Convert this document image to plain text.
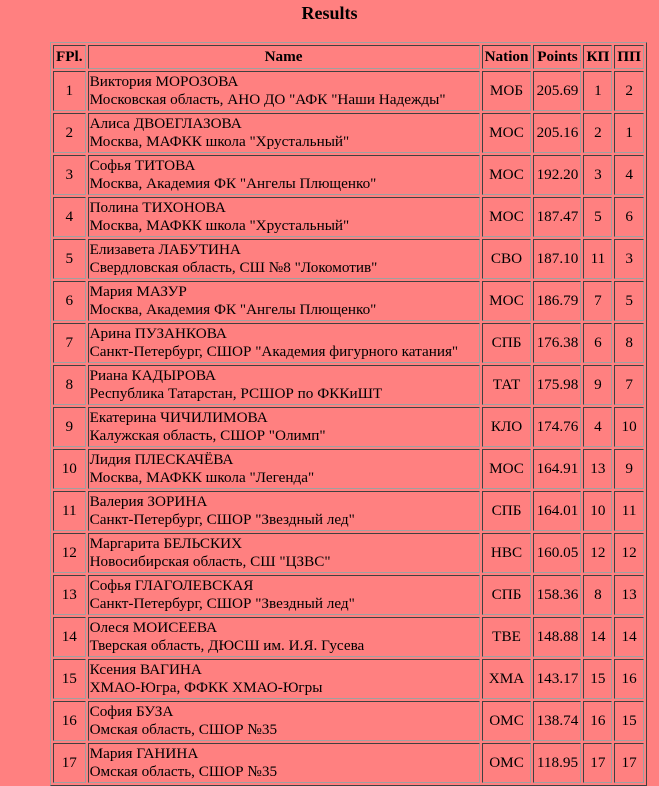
Results
FPl.	Name	Nation	Points	КП	ПП
1	Виктория МОРОЗОВА
Московская область, АНО ДО "АФК "Наши Надежды"	МОБ	205.69	1	2
2	Алиса ДВОЕГЛАЗОВА
Москва, МАФКК школа "Хрустальный"	МОС	205.16	2	1
3	Софья ТИТОВА
Москва, Академия ФК "Ангелы Плющенко"	МОС	192.20	3	4
4	Полина ТИХОНОВА
Москва, МАФКК школа "Хрустальный"	МОС	187.47	5	6
5	Елизавета ЛАБУТИНА
Свердловская область, СШ №8 "Локомотив"	СВО	187.10	11	3
6	Мария МАЗУР
Москва, Академия ФК "Ангелы Плющенко"	МОС	186.79	7	5
7	Арина ПУЗАНКОВА
Санкт-Петербург, СШОР "Академия фигурного катания"	СПБ	176.38	6	8
8	Риана КАДЫРОВА
Республика Татарстан, РСШОР по ФККиШТ	ТАТ	175.98	9	7
9	Екатерина ЧИЧИЛИМОВА
Калужская область, СШОР "Олимп"	КЛО	174.76	4	10
10	Лидия ПЛЕСКАЧЁВА
Москва, МАФКК школа "Легенда"	МОС	164.91	13	9
11	Валерия ЗОРИНА
Санкт-Петербург, СШОР "Звездный лед"	СПБ	164.01	10	11
12	Маргарита БЕЛЬСКИХ
Новосибирская область, СШ "ЦЗВС"	НВС	160.05	12	12
13	Софья ГЛАГОЛЕВСКАЯ
Санкт-Петербург, СШОР "Звездный лед"	СПБ	158.36	8	13
14	Олеся МОИСЕЕВА
Тверская область, ДЮСШ им. И.Я. Гусева	ТВЕ	148.88	14	14
15	Ксения ВАГИНА
ХМАО-Югра, ФФКК ХМАО-Югры	ХМА	143.17	15	16
16	София БУЗА
Омская область, СШОР №35	ОМС	138.74	16	15
17	Мария ГАНИНА
Омская область, СШОР №35	ОМС	118.95	17	17
